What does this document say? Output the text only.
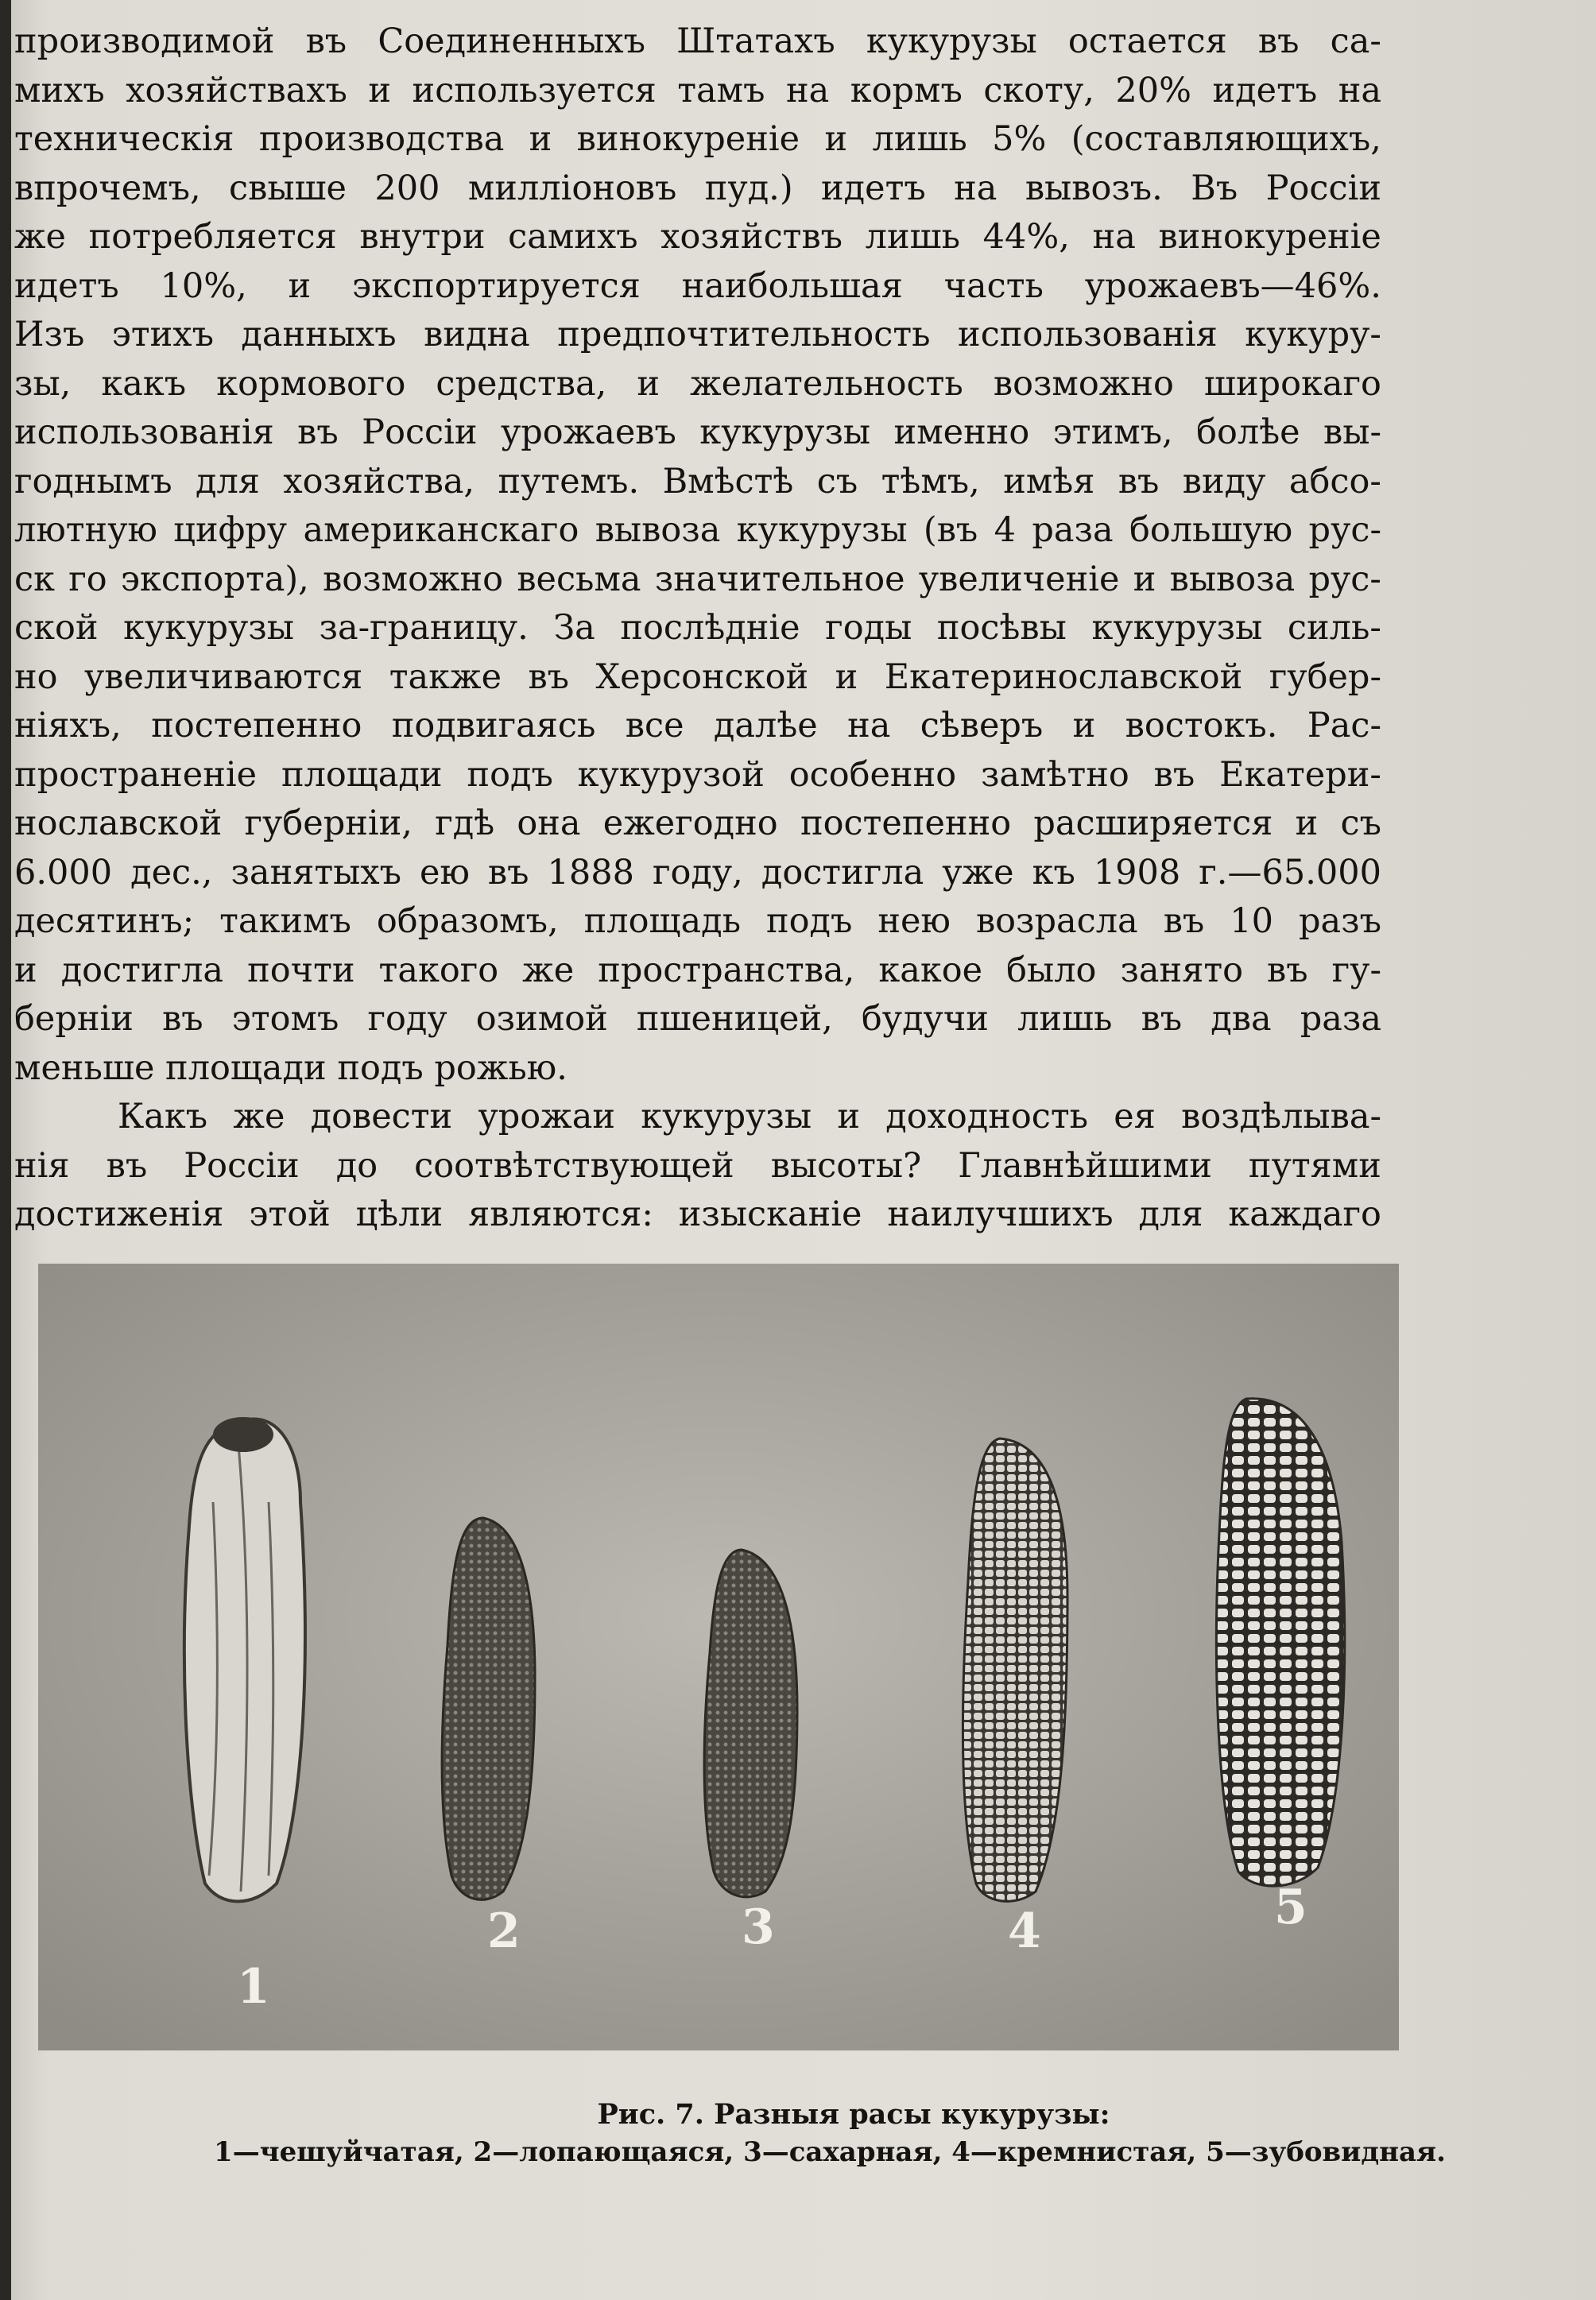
производимой въ Соединенныхъ Штатахъ кукурузы остается въ са-
михъ хозяйствахъ и используется тамъ на кормъ скоту, 20% идетъ на
техническія производства и винокуреніе и лишь 5% (составляющихъ,
впрочемъ, свыше 200 милліоновъ пуд.) идетъ на вывозъ. Въ Россіи
же потребляется внутри самихъ хозяйствъ лишь 44%, на винокуреніе
идетъ 10%, и экспортируется наибольшая часть урожаевъ—46%.
Изъ этихъ данныхъ видна предпочтительность использованія кукуру-
зы, какъ кормового средства, и желательность возможно широкаго
использованія въ Россіи урожаевъ кукурузы именно этимъ, болѣе вы-
годнымъ для хозяйства, путемъ. Вмѣстѣ съ тѣмъ, имѣя въ виду абсо-
лютную цифру американскаго вывоза кукурузы (въ 4 раза большую рус-
ск го экспорта), возможно весьма значительное увеличеніе и вывоза рус-
ской кукурузы за-границу. За послѣдніе годы посѣвы кукурузы силь-
но увеличиваются также въ Херсонской и Екатеринославской губер-
ніяхъ, постепенно подвигаясь все далѣе на сѣверъ и востокъ. Рас-
пространеніе площади подъ кукурузой особенно замѣтно въ Екатери-
нославской губерніи, гдѣ она ежегодно постепенно расширяется и съ
6.000 дес., занятыхъ ею въ 1888 году, достигла уже къ 1908 г.—65.000
десятинъ; такимъ образомъ, площадь подъ нею возрасла въ 10 разъ
и достигла почти такого же пространства, какое было занято въ гу-
берніи въ этомъ году озимой пшеницей, будучи лишь въ два раза
меньше площади подъ рожью.
Какъ же довести урожаи кукурузы и доходность ея воздѣлыва-
нія въ Россіи до соотвѣтствующей высоты? Главнѣйшими путями
достиженія этой цѣли являются: изысканіе наилучшихъ для каждаго
1
2	3	4	5
Рис. 7. Разныя расы кукурузы:
1—чешуйчатая, 2—лопающаяся, 3—сахарная, 4—кремнистая, 5—зубовидная.
